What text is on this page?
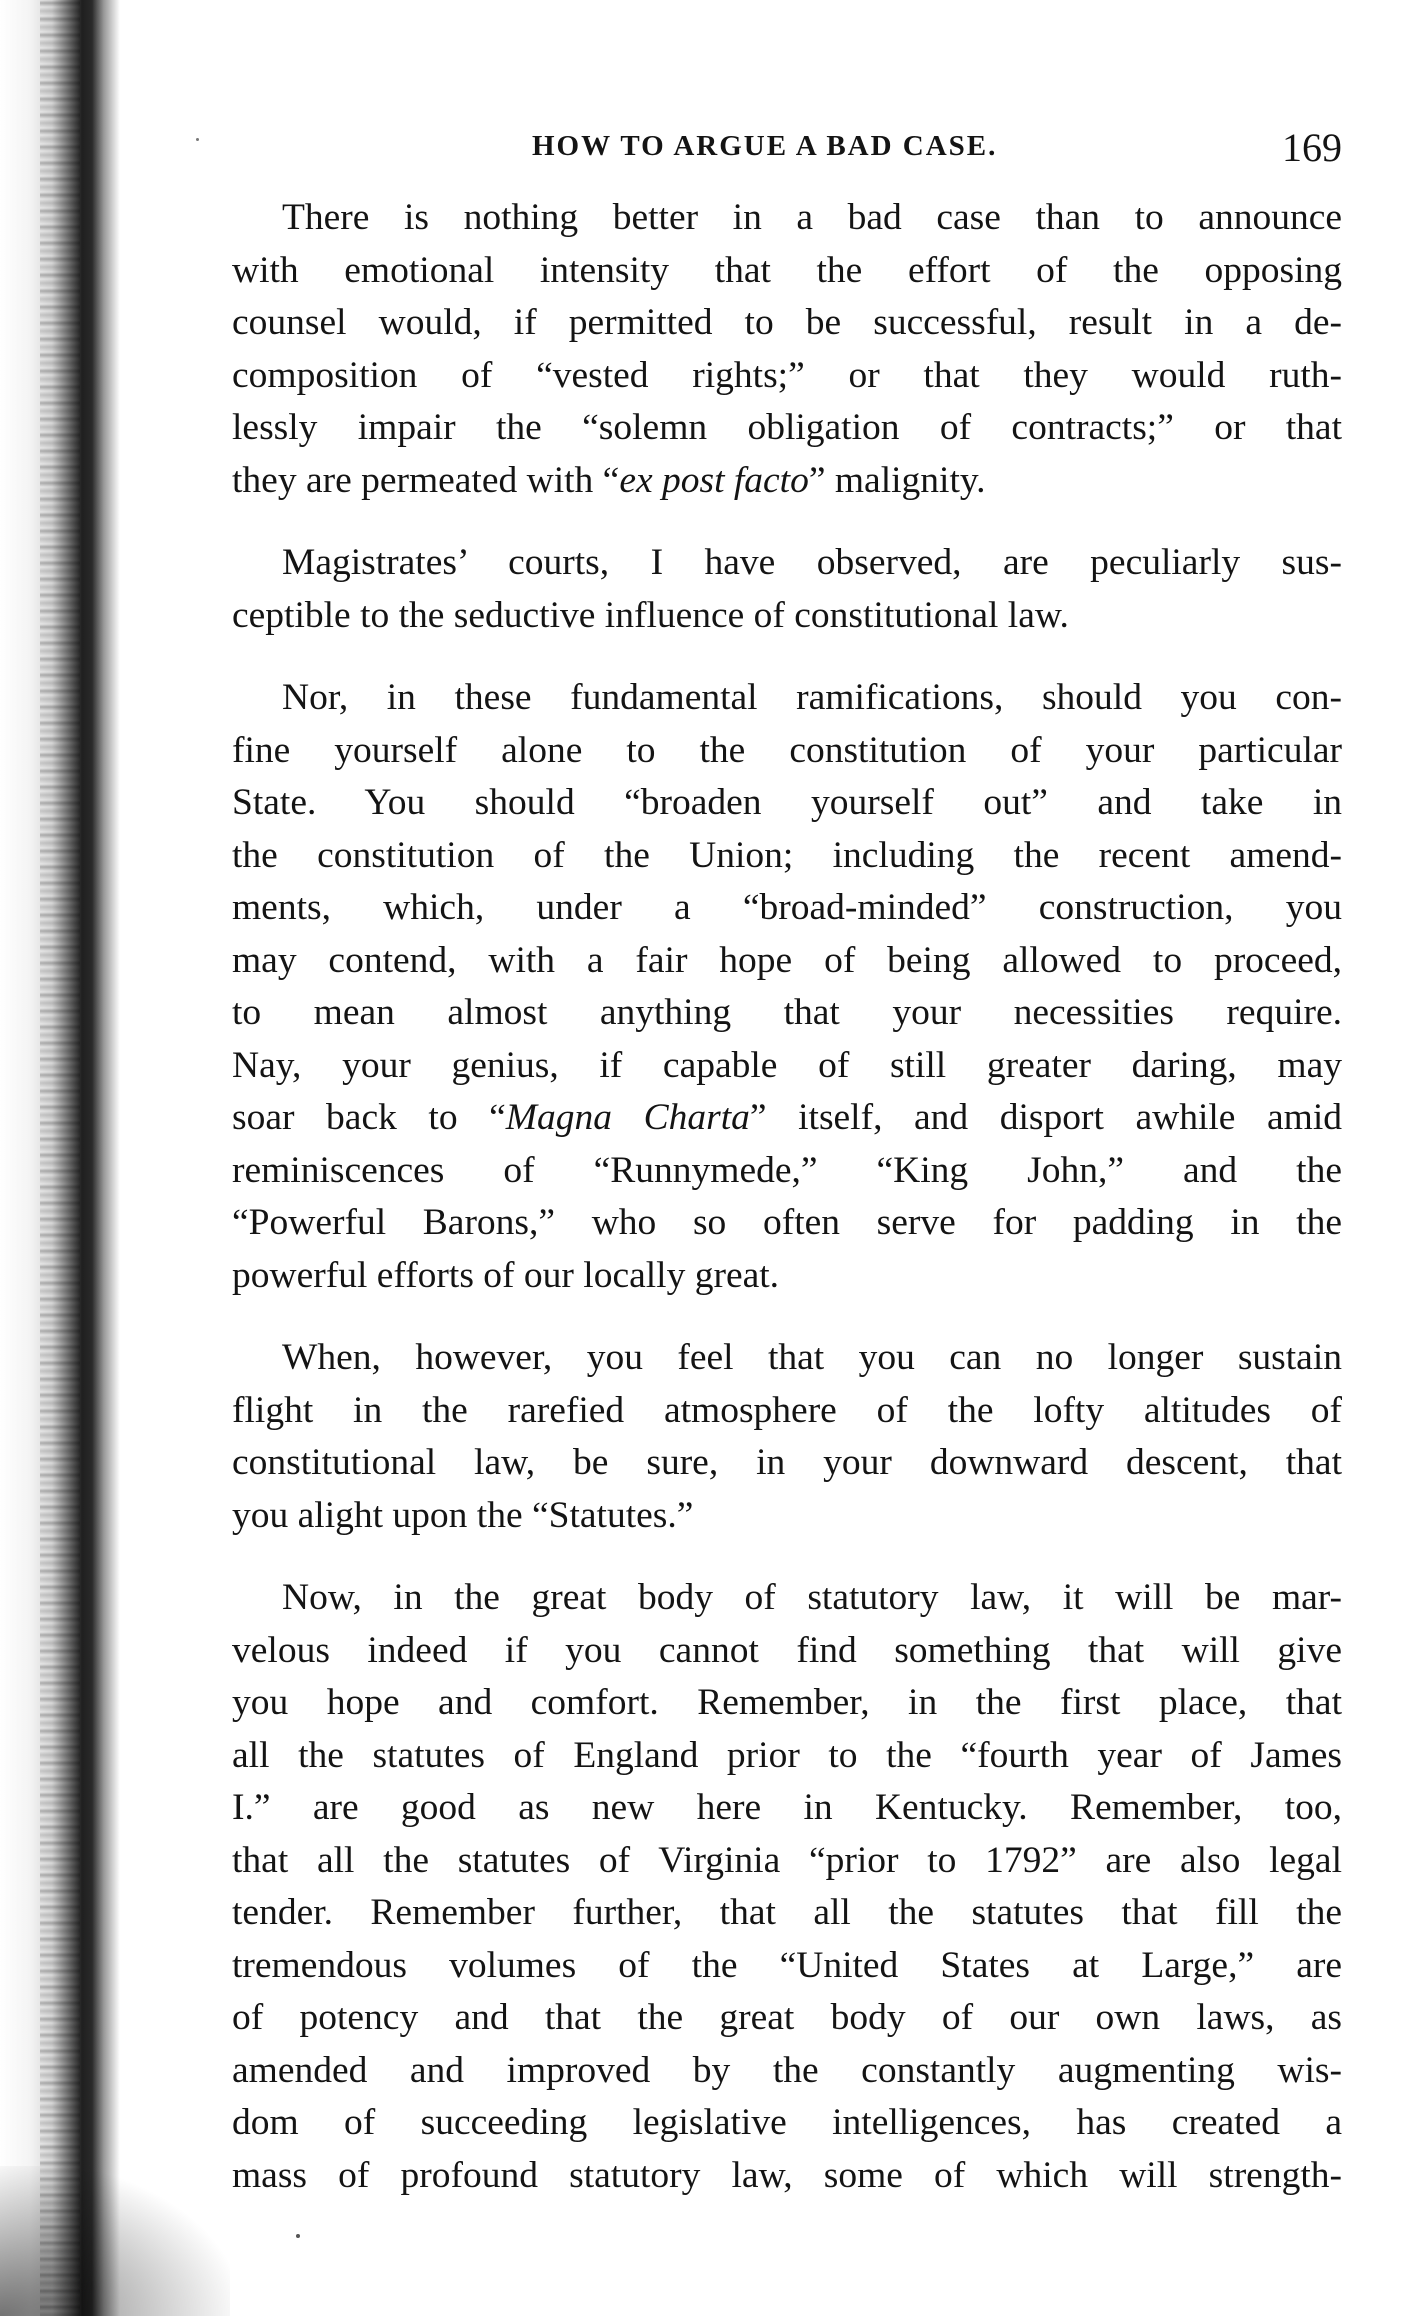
HOW TO ARGUE A BAD CASE.	169
There is nothing better in a bad case than to announce
with emotional intensity that the effort of the opposing
counsel would, if permitted to be successful, result in a de-
composition of “vested rights;” or that they would ruth-
lessly impair the “solemn obligation of contracts;” or that
they are permeated with “ex post facto” malignity.
Magistrates’ courts, I have observed, are peculiarly sus-
ceptible to the seductive influence of constitutional law.
Nor, in these fundamental ramifications, should you con-
fine yourself alone to the constitution of your particular
State. You should “broaden yourself out” and take in
the constitution of the Union; including the recent amend-
ments, which, under a “broad-minded” construction, you
may contend, with a fair hope of being allowed to proceed,
to mean almost anything that your necessities require.
Nay, your genius, if capable of still greater daring, may
soar back to “Magna Charta” itself, and disport awhile amid
reminiscences of “Runnymede,” “King John,” and the
“Powerful Barons,” who so often serve for padding in the
powerful efforts of our locally great.
When, however, you feel that you can no longer sustain
flight in the rarefied atmosphere of the lofty altitudes of
constitutional law, be sure, in your downward descent, that
you alight upon the “Statutes.”
Now, in the great body of statutory law, it will be mar-
velous indeed if you cannot find something that will give
you hope and comfort. Remember, in the first place, that
all the statutes of England prior to the “fourth year of James
I.” are good as new here in Kentucky. Remember, too,
that all the statutes of Virginia “prior to 1792” are also legal
tender. Remember further, that all the statutes that fill the
tremendous volumes of the “United States at Large,” are
of potency and that the great body of our own laws, as
amended and improved by the constantly augmenting wis-
dom of succeeding legislative intelligences, has created a
mass of profound statutory law, some of which will strength-
